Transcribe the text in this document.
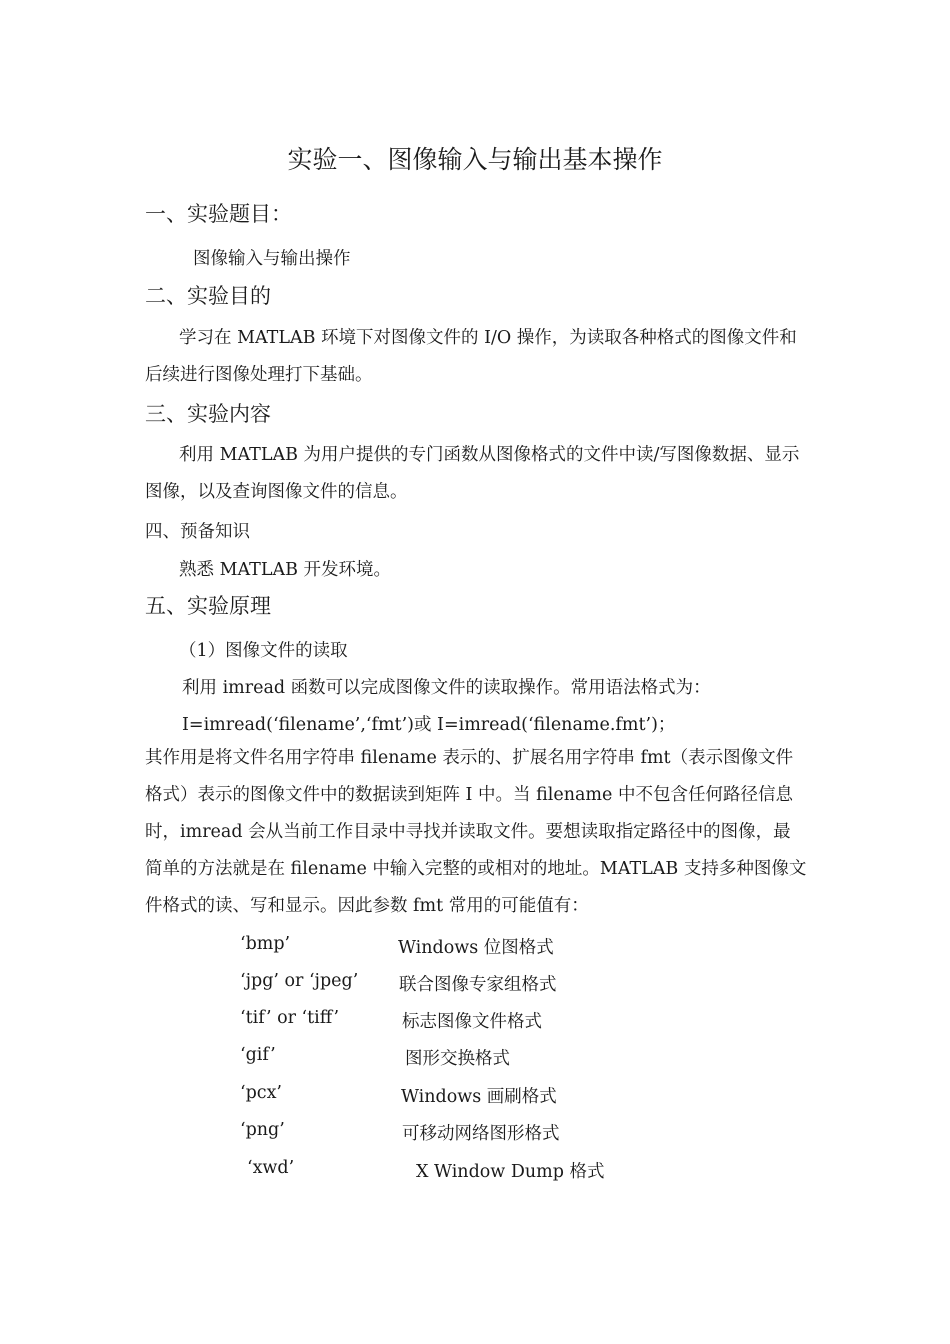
实验一、图像输入与输出基本操作
一、实验题目：
图像输入与输出操作
二、实验目的
学习在 MATLAB 环境下对图像文件的 I/O 操作，为读取各种格式的图像文件和后续进行图像处理打下基础。
三、实验内容
利用 MATLAB 为用户提供的专门函数从图像格式的文件中读/写图像数据、显示图像，以及查询图像文件的信息。
四、预备知识
熟悉 MATLAB 开发环境。
五、实验原理
（1）图像文件的读取
利用 imread 函数可以完成图像文件的读取操作。常用语法格式为：
I=imread(‘filename’,‘fmt’)或 I=imread(‘filename.fmt’)；
其作用是将文件名用字符串 filename 表示的、扩展名用字符串 fmt（表示图像文件格式）表示的图像文件中的数据读到矩阵 I 中。当 filename 中不包含任何路径信息时，imread 会从当前工作目录中寻找并读取文件。要想读取指定路径中的图像，最简单的方法就是在 filename 中输入完整的或相对的地址。MATLAB 支持多种图像文件格式的读、写和显示。因此参数 fmt 常用的可能值有：
‘bmp’	Windows 位图格式
‘jpg’ or ‘jpeg’ 联合图像专家组格式
‘tif’ or ‘tiff’	标志图像文件格式
‘gif’	图形交换格式
‘pcx’	Windows 画刷格式
‘png’	可移动网络图形格式
‘xwd’	X Window Dump 格式
